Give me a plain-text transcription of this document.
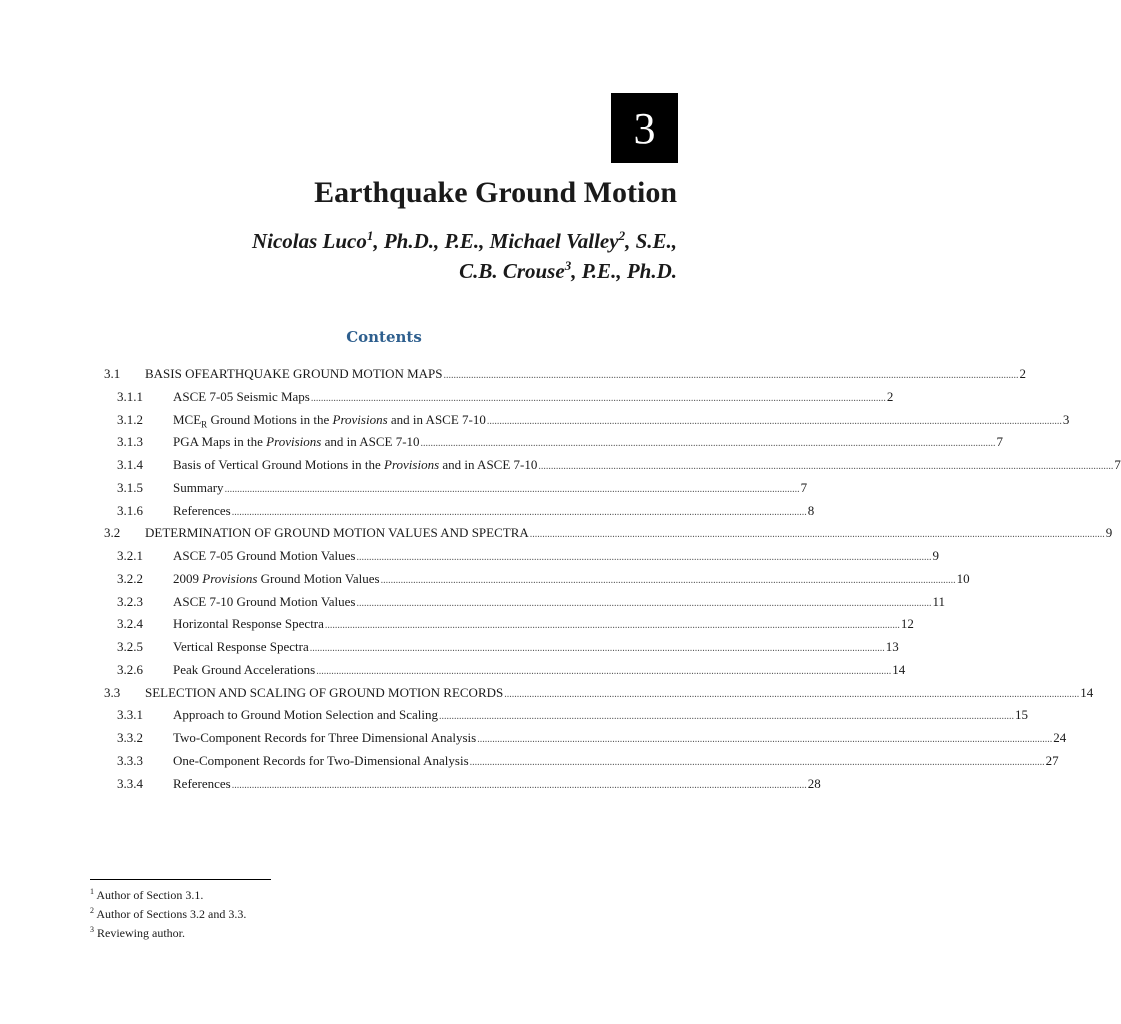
3
Earthquake Ground Motion
Nicolas Luco$^1$, Ph.D., P.E., Michael Valley$^2$, S.E.,
C.B. Crouse$^3$, P.E., Ph.D.
Contents
3.1	BASIS OFEARTHQUAKE GROUND MOTION MAPS .....	2
3.1.1	ASCE 7-05 Seismic Maps .....	2
3.1.2	$MCE_R$ Ground Motions in the Provisions and in ASCE 7-10 .....	3
3.1.3	PGA Maps in the Provisions and in ASCE 7-10 .....	7
3.1.4	Basis of Vertical Ground Motions in the Provisions and in ASCE 7-10 .....	7
3.1.5	Summary .....	7
3.1.6	References .....	8
3.2	DETERMINATION OF GROUND MOTION VALUES AND SPECTRA .....	9
3.2.1	ASCE 7-05 Ground Motion Values .....	9
3.2.2	2009 Provisions Ground Motion Values .....	10
3.2.3	ASCE 7-10 Ground Motion Values .....	11
3.2.4	Horizontal Response Spectra .....	12
3.2.5	Vertical Response Spectra .....	13
3.2.6	Peak Ground Accelerations .....	14
3.3	SELECTION AND SCALING OF GROUND MOTION RECORDS .....	14
3.3.1	Approach to Ground Motion Selection and Scaling .....	15
3.3.2	Two-Component Records for Three Dimensional Analysis .....	24
3.3.3	One-Component Records for Two-Dimensional Analysis .....	27
3.3.4	References .....	28
$^1$ Author of Section 3.1.
$^2$ Author of Sections 3.2 and 3.3.
$^3$ Reviewing author.
